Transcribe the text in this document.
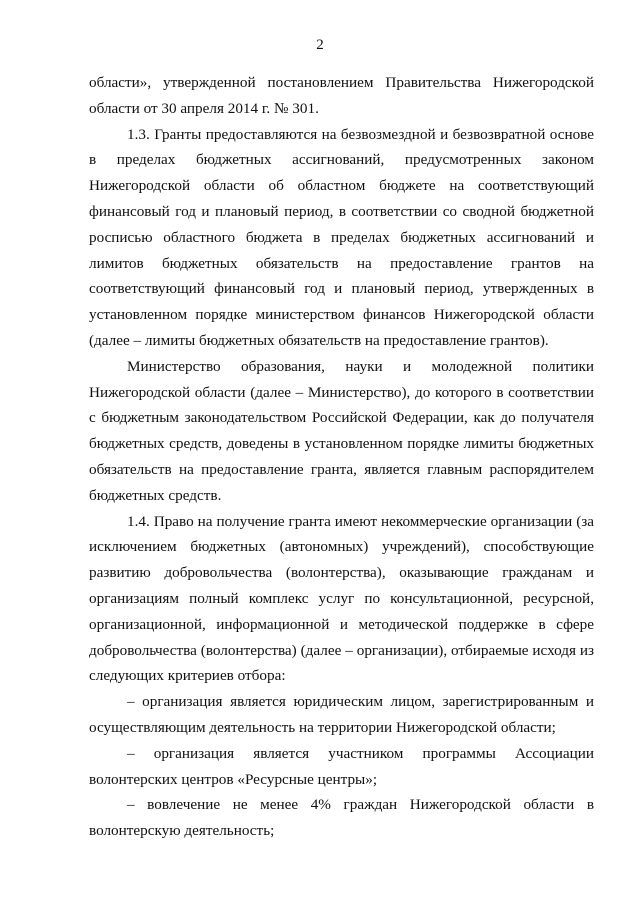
2

области», утвержденной постановлением Правительства Нижегородской области от 30 апреля 2014 г. № 301.

1.3. Гранты предоставляются на безвозмездной и безвозвратной основе в пределах бюджетных ассигнований, предусмотренных законом Нижегородской области об областном бюджете на соответствующий финансовый год и плановый период, в соответствии со сводной бюджетной росписью областного бюджета в пределах бюджетных ассигнований и лимитов бюджетных обязательств на предоставление грантов на соответствующий финансовый год и плановый период, утвержденных в установленном порядке министерством финансов Нижегородской области (далее – лимиты бюджетных обязательств на предоставление грантов).

Министерство образования, науки и молодежной политики Нижегородской области (далее – Министерство), до которого в соответствии с бюджетным законодательством Российской Федерации, как до получателя бюджетных средств, доведены в установленном порядке лимиты бюджетных обязательств на предоставление гранта, является главным распорядителем бюджетных средств.

1.4. Право на получение гранта имеют некоммерческие организации (за исключением бюджетных (автономных) учреждений), способствующие развитию добровольчества (волонтерства), оказывающие гражданам и организациям полный комплекс услуг по консультационной, ресурсной, организационной, информационной и методической поддержке в сфере добровольчества (волонтерства) (далее – организации), отбираемые исходя из следующих критериев отбора:

– организация является юридическим лицом, зарегистрированным и осуществляющим деятельность на территории Нижегородской области;

– организация является участником программы Ассоциации волонтерских центров «Ресурсные центры»;

– вовлечение не менее 4% граждан Нижегородской области в волонтерскую деятельность;
